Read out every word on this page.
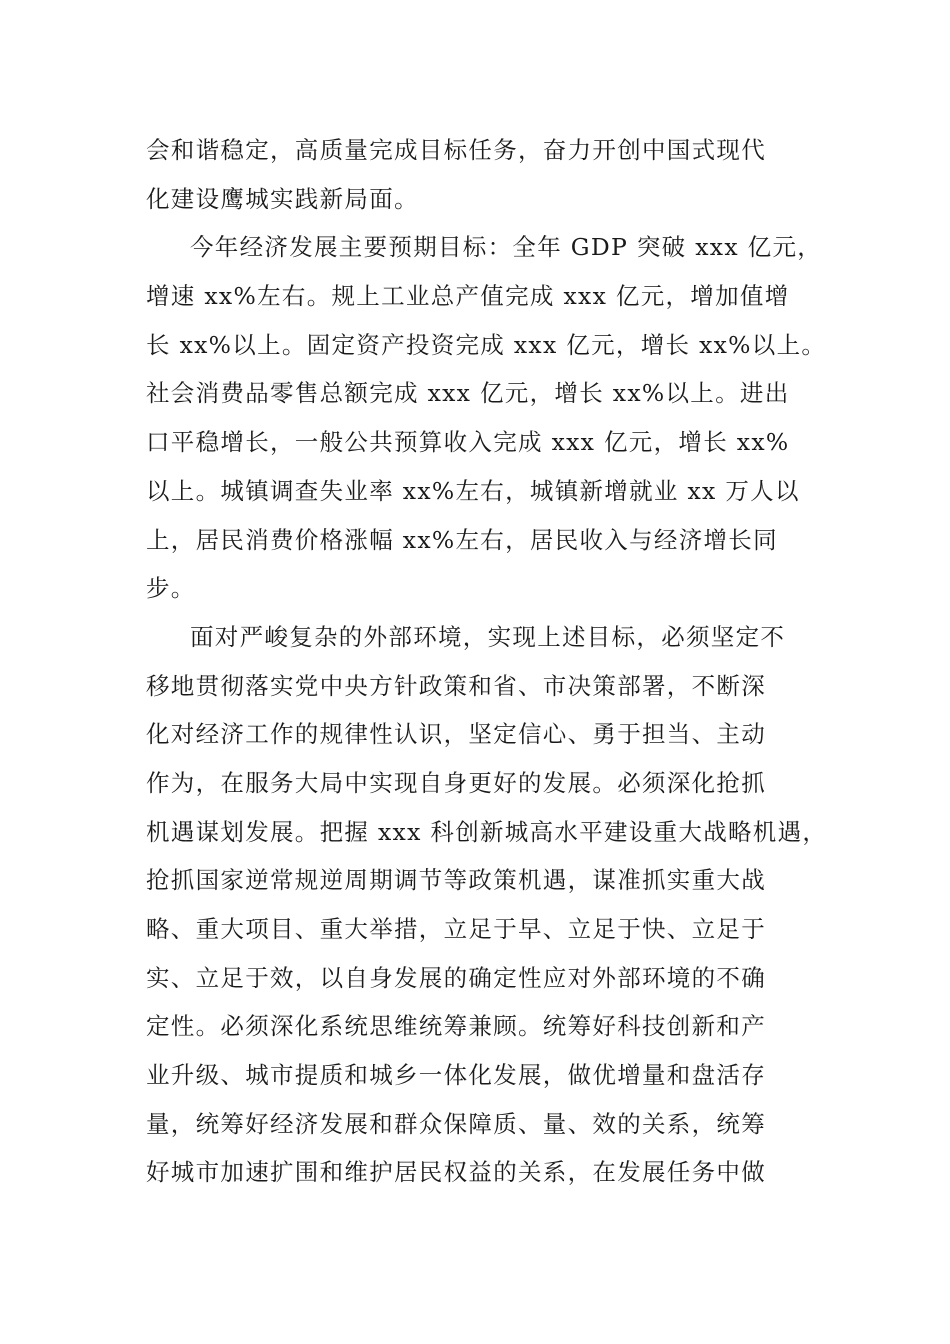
会和谐稳定，高质量完成目标任务，奋力开创中国式现代
化建设鹰城实践新局面。
今年经济发展主要预期目标：全年 GDP 突破 xxx 亿元，
增速 xx%左右。规上工业总产值完成 xxx 亿元，增加值增
长 xx%以上。固定资产投资完成 xxx 亿元，增长 xx%以上。
社会消费品零售总额完成 xxx 亿元，增长 xx%以上。进出
口平稳增长，一般公共预算收入完成 xxx 亿元，增长 xx%
以上。城镇调查失业率 xx%左右，城镇新增就业 xx 万人以
上，居民消费价格涨幅 xx%左右，居民收入与经济增长同
步。
面对严峻复杂的外部环境，实现上述目标，必须坚定不
移地贯彻落实党中央方针政策和省、市决策部署，不断深
化对经济工作的规律性认识，坚定信心、勇于担当、主动
作为，在服务大局中实现自身更好的发展。必须深化抢抓
机遇谋划发展。把握 xxx 科创新城高水平建设重大战略机遇，
抢抓国家逆常规逆周期调节等政策机遇，谋准抓实重大战
略、重大项目、重大举措，立足于早、立足于快、立足于
实、立足于效，以自身发展的确定性应对外部环境的不确
定性。必须深化系统思维统筹兼顾。统筹好科技创新和产
业升级、城市提质和城乡一体化发展，做优增量和盘活存
量，统筹好经济发展和群众保障质、量、效的关系，统筹
好城市加速扩围和维护居民权益的关系，在发展任务中做
